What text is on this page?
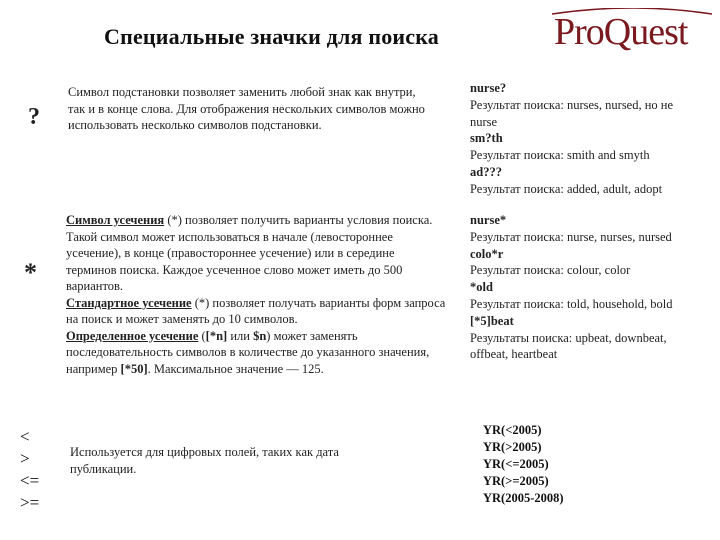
Специальные значки для поиска	ProQuest
?
Символ подстановки позволяет заменить любой знак как внутри, так и в конце слова. Для отображения нескольких символов можно использовать несколько символов подстановки.
nurse?
Результат поиска: nurses, nursed, но не nurse
sm?th
Результат поиска: smith and smyth
ad???
Результат поиска: added, adult, adopt
*
Символ усечения (*) позволяет получить варианты условия поиска. Такой символ может использоваться в начале (левостороннее усечение), в конце (правостороннее усечение) или в середине терминов поиска. Каждое усеченное слово может иметь до 500 вариантов.
Стандартное усечение (*) позволяет получать варианты форм запроса на поиск и может заменять до 10 символов.
Определенное усечение ([*n] или $n) может заменять последовательность символов в количестве до указанного значения, например [*50]. Максимальное значение — 125.
nurse*
Результат поиска: nurse, nurses, nursed
colo*r
Результат поиска: colour, color
*old
Результат поиска: told, household, bold
[*5]beat
Результаты поиска: upbeat, downbeat, offbeat, heartbeat
<
>
<=
>=
Используется для цифровых полей, таких как дата публикации.
YR(<2005)
YR(>2005)
YR(<=2005)
YR(>=2005)
YR(2005-2008)
